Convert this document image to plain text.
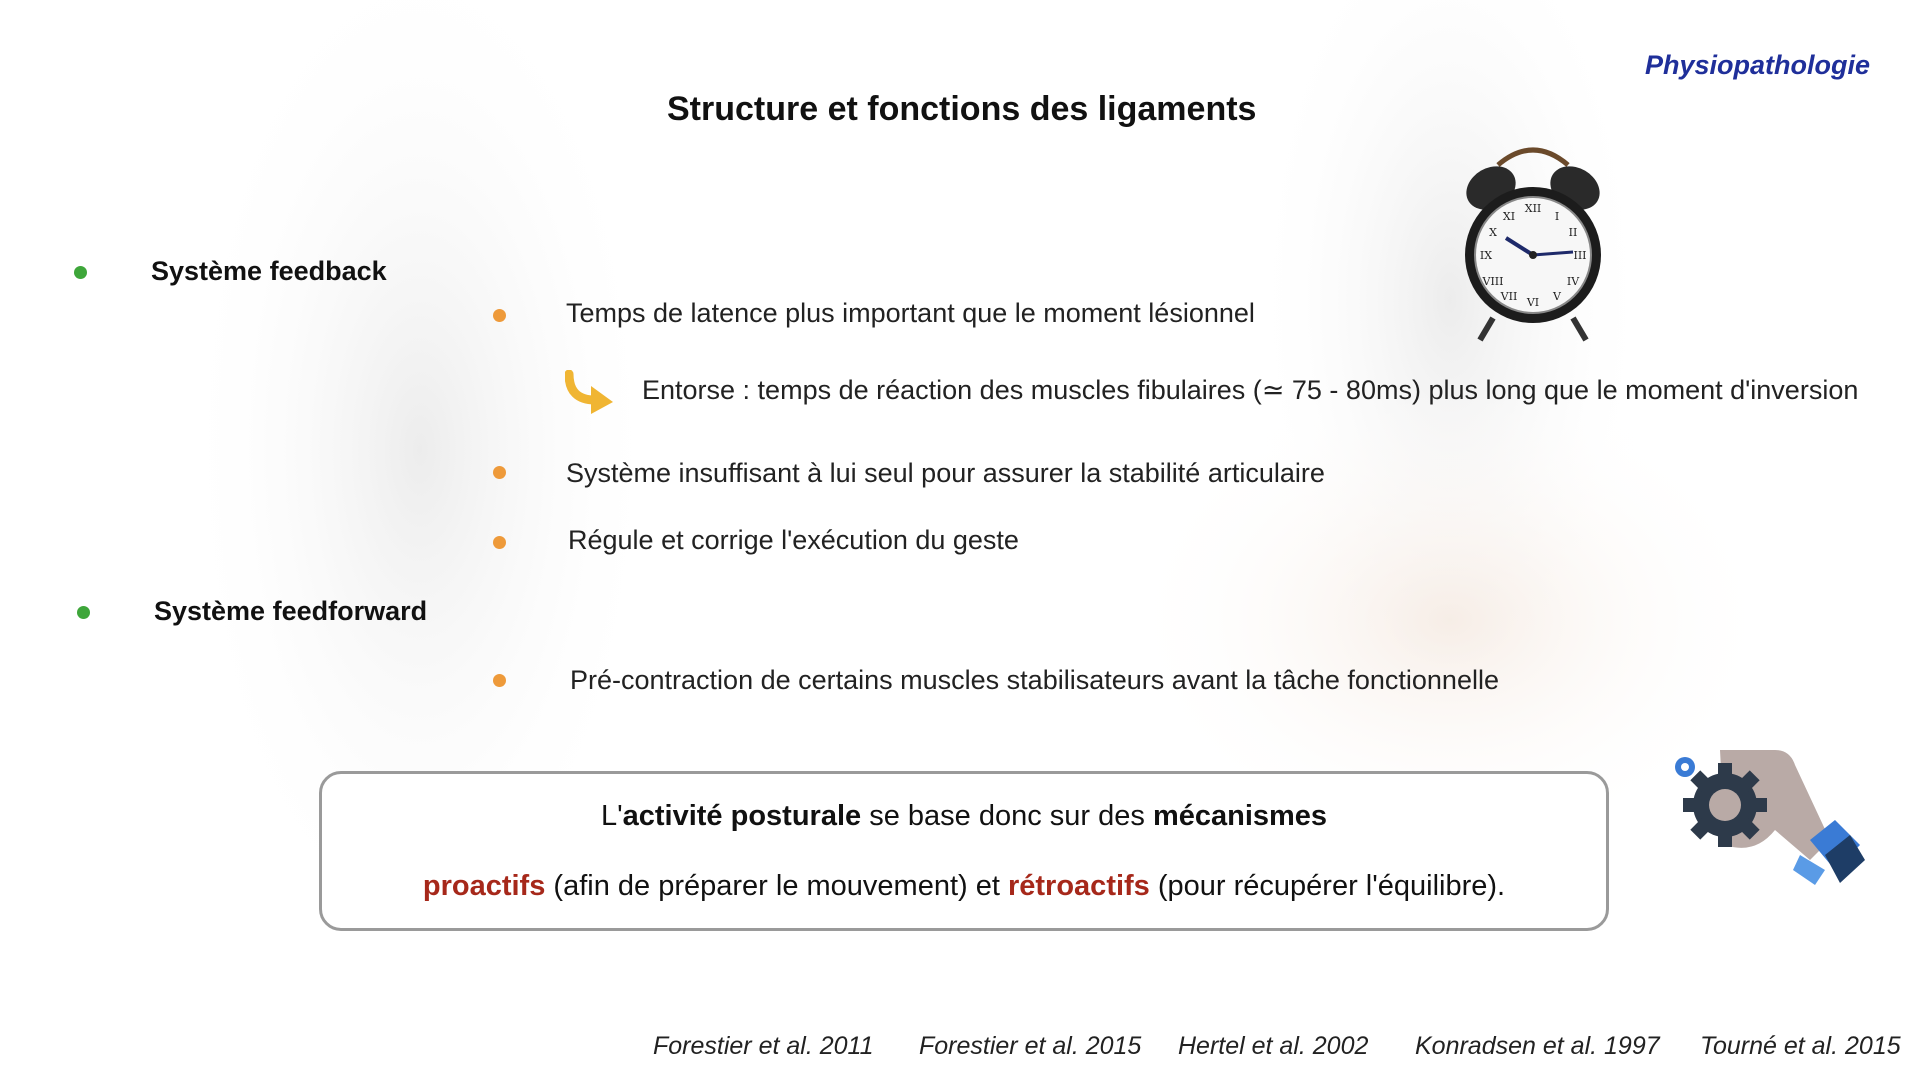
Physiopathologie
Structure et fonctions des ligaments
XII
VI
IX	III
I
II
IV
V
VII
VIII
X
XI
Système feedback
Temps de latence plus important que le moment lésionnel
Entorse : temps de réaction des muscles fibulaires (≃ 75 - 80ms) plus long que le moment d'inversion
Système insuffisant à lui seul pour assurer la stabilité articulaire
Régule et corrige l'exécution du geste
Système feedforward
Pré-contraction de certains muscles stabilisateurs avant la tâche fonctionnelle
L'activité posturale se base donc sur des mécanismes
proactifs (afin de préparer le mouvement) et rétroactifs (pour récupérer l'équilibre).
Forestier et al. 2011 Forestier et al. 2015 Hertel et al. 2002 Konradsen et al. 1997 Tourné et al. 2015
